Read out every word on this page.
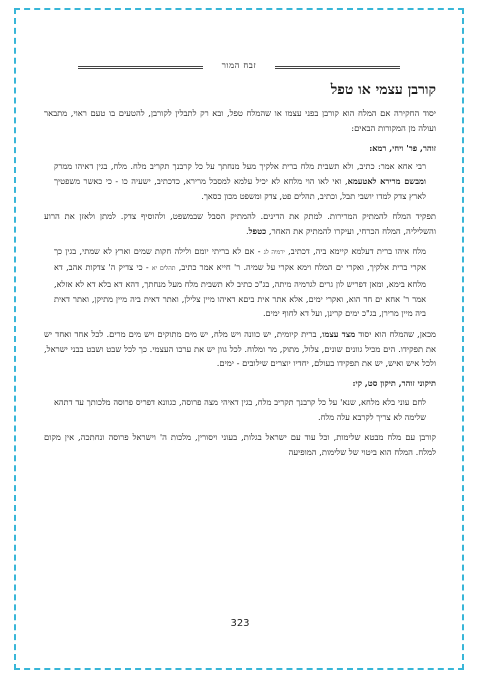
זבח המור
קורבן עצמי או טפל

יסוד החקירה אם המלח הוא קורבן בפני עצמו או שהמלח טפל, ובא רק לתבלין לקורבן, להטעים בו טעם ראוי, מתבאר ועולה מן המקורות הבאים:

זוהר, פר' ויחי, רמא:

רבי אחא אמר: כתיב, ולא תשבית מלח ברית אלקיך מעל מנחתך על כל קרבנך תקריב מלח. מלח, בגין דאיהו ממרק ומבשם מרירא לאטעמא, ואי לאו הוי מלחא לא יכיל עלמא למסבל מרירא, כדכתיב, ישעיה כו - כי כאשר משפטיך לארץ צדק למדו יושבי תבל, וכתיב, תהלים פט, צדק ומשפט מכון כסאך.

תפקיד המלח להמתיק המרירות. למתק את הדינים. להמתיק הסבל שבמשפט, ולהוסיף צדק. למתן ולאזן את הרוע והשליליה, המלח הכרחי, ועיקרו להמתיק את האחר, כטפל.

מלח איהו ברית דעלמא קיימא ביה, דכתיב, ירמיה לג - אם לא בריתי יומם ולילה חקות שמים וארץ לא שמתי, בגין כך אקרי ברית אלקיך, ואקרי ים המלח וימא אקרי על שמיה. ר' חייא אמר כתיב, תהלים יא - כי צדיק ה' צדקות אהב, דא מלחא בימא, ומאן דפריש לון גרים לגרמיה מיתה, בג"כ כתיב לא תשבית מלח מעל מנחתך, דהא דא בלא דא לא אזלא, אמר ר' אחא ים חד הוא, ואקרי ימים, אלא אתר אית ביםא דאיהו מיין צלילן, ואתר דאית ביה מיין מתיקן, ואתר דאית ביה מיין מרירן, בג"כ ימים קרינן, ועל דא לחוף ימים.

מכאן, שהמלח הוא יסוד מצד עצמו, ברית קיומית, יש כוונה ויש מלח, יש מים מתוקים ויש מים מרים. לכל אחד ואחד יש את תפקידו. הים מכיל גוונים שונים, צלול, מתוק, מר ומלוח. לכל גוון יש את ערכו העצמי. כך לכל שבט ושבט בבני ישראל, ולכל איש ואיש, יש את תפקידו בעולם, יחדיו יוצרים שילובים - ימים.

תיקוני זוהר, תיקון סט, קי:

לחם עוני בלא מלחא, שנא' על כל קרבנך תקריב מלח, בגין דאיהי מצה פרוסה, כגוונא דפריס פרוסה מלכותך עד דתהא שלימה לא צריך לקרבא עלה מלח.

קורבן עם מלח מבטא שלימות, וכל עוד עם ישראל בגלות, בעוני ויסורין, מלכות ה' וישראל פרוסה ונחתכה, אין מקום למלח. המלח הוא ביטוי של שלימות, המופיעה

323
